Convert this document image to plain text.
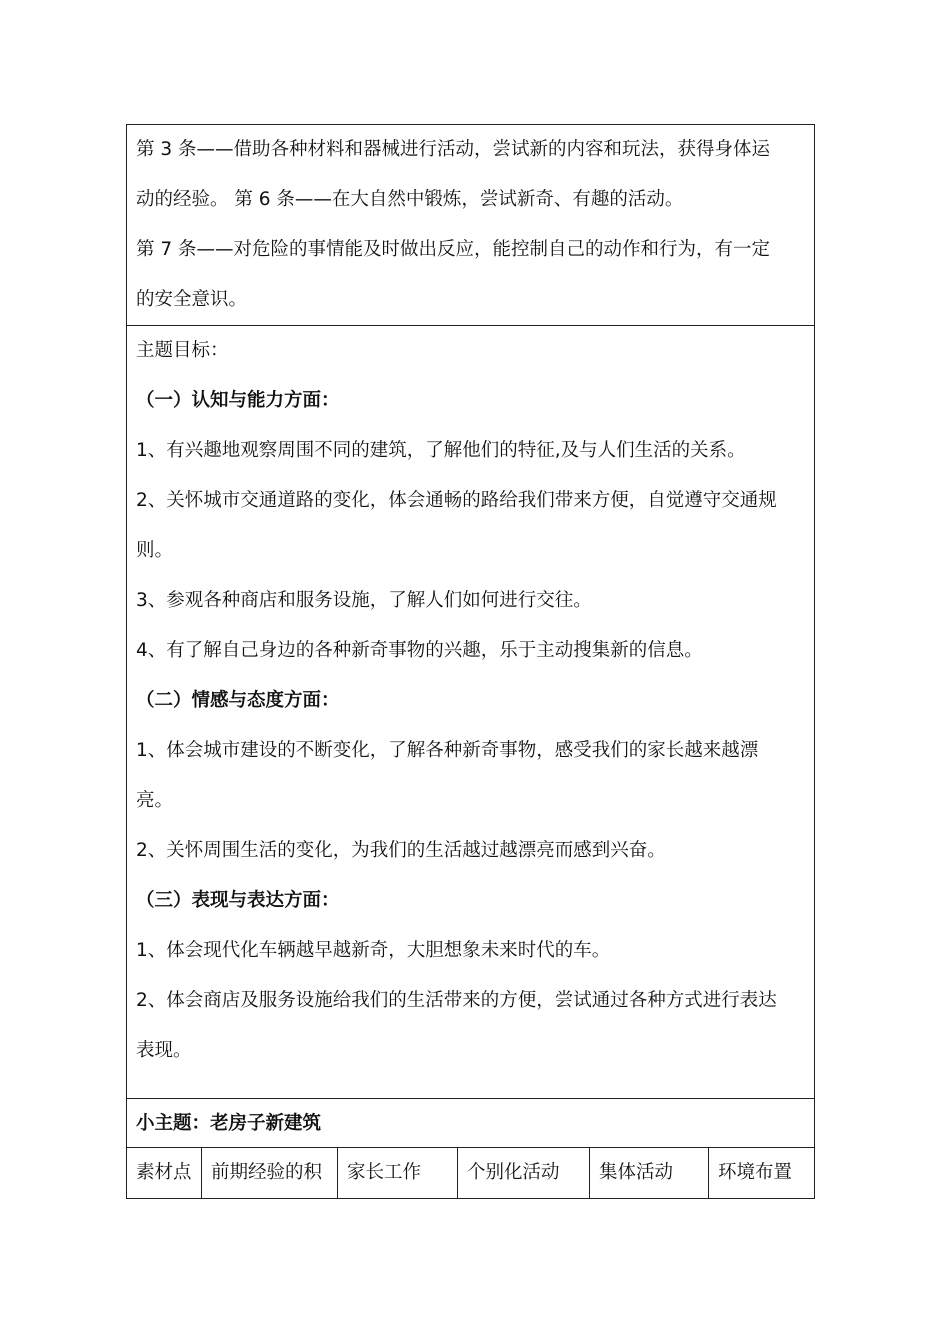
第 3 条——借助各种材料和器械进行活动，尝试新的内容和玩法，获得身体运
动的经验。 第 6 条——在大自然中锻炼，尝试新奇、有趣的活动。
第 7 条——对危险的事情能及时做出反应，能控制自己的动作和行为，有一定
的安全意识。
主题目标：
（一）认知与能力方面：
1、有兴趣地观察周围不同的建筑，了解他们的特征,及与人们生活的关系。
2、关怀城市交通道路的变化，体会通畅的路给我们带来方便，自觉遵守交通规
则。
3、参观各种商店和服务设施，了解人们如何进行交往。
4、有了解自己身边的各种新奇事物的兴趣，乐于主动搜集新的信息。
（二）情感与态度方面：
1、体会城市建设的不断变化，了解各种新奇事物，感受我们的家长越来越漂
亮。
2、关怀周围生活的变化，为我们的生活越过越漂亮而感到兴奋。
（三）表现与表达方面：
1、体会现代化车辆越早越新奇，大胆想象未来时代的车。
2、体会商店及服务设施给我们的生活带来的方便，尝试通过各种方式进行表达
表现。
小主题：老房子新建筑
素材点	前期经验的积	家长工作	个别化活动	集体活动	环境布置
